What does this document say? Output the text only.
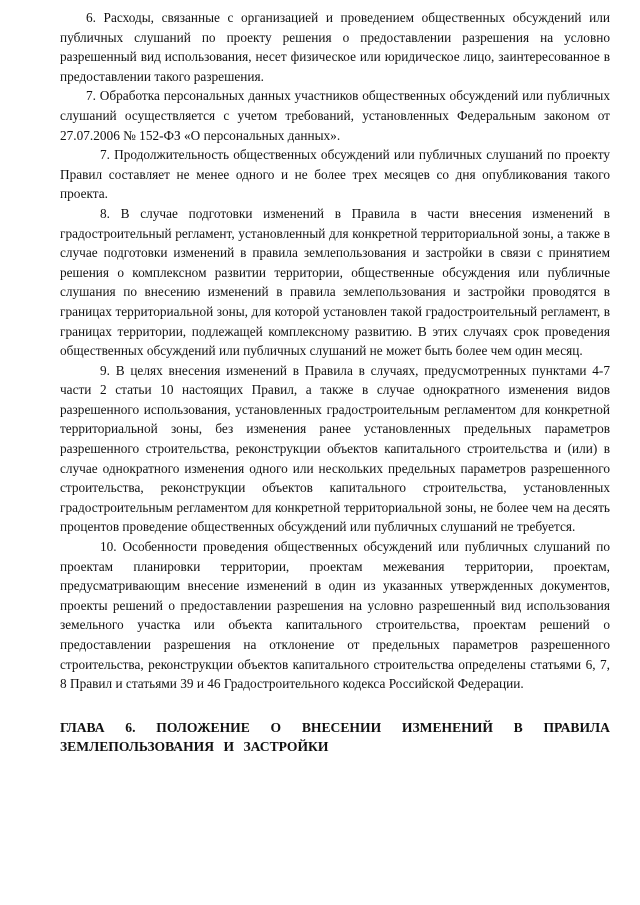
6. Расходы, связанные с организацией и проведением общественных обсуждений или публичных слушаний по проекту решения о предоставлении разрешения на условно разрешенный вид использования, несет физическое или юридическое лицо, заинтересованное в предоставлении такого разрешения.

7. Обработка персональных данных участников общественных обсуждений или публичных слушаний осуществляется с учетом требований, установленных Федеральным законом от 27.07.2006 № 152-ФЗ «О персональных данных».

7. Продолжительность общественных обсуждений или публичных слушаний по проекту Правил составляет не менее одного и не более трех месяцев со дня опубликования такого проекта.

8. В случае подготовки изменений в Правила в части внесения изменений в градостроительный регламент, установленный для конкретной территориальной зоны, а также в случае подготовки изменений в правила землепользования и застройки в связи с принятием решения о комплексном развитии территории, общественные обсуждения или публичные слушания по внесению изменений в правила землепользования и застройки проводятся в границах территориальной зоны, для которой установлен такой градостроительный регламент, в границах территории, подлежащей комплексному развитию. В этих случаях срок проведения общественных обсуждений или публичных слушаний не может быть более чем один месяц.

9. В целях внесения изменений в Правила в случаях, предусмотренных пунктами 4-7 части 2 статьи 10 настоящих Правил, а также в случае однократного изменения видов разрешенного использования, установленных градостроительным регламентом для конкретной территориальной зоны, без изменения ранее установленных предельных параметров разрешенного строительства, реконструкции объектов капитального строительства и (или) в случае однократного изменения одного или нескольких предельных параметров разрешенного строительства, реконструкции объектов капитального строительства, установленных градостроительным регламентом для конкретной территориальной зоны, не более чем на десять процентов проведение общественных обсуждений или публичных слушаний не требуется.

10. Особенности проведения общественных обсуждений или публичных слушаний по проектам планировки территории, проектам межевания территории, проектам, предусматривающим внесение изменений в один из указанных утвержденных документов, проекты решений о предоставлении разрешения на условно разрешенный вид использования земельного участка или объекта капитального строительства, проектам решений о предоставлении разрешения на отклонение от предельных параметров разрешенного строительства, реконструкции объектов капитального строительства определены статьями 6, 7, 8 Правил и статьями 39 и 46 Градостроительного кодекса Российской Федерации.

ГЛАВА 6. ПОЛОЖЕНИЕ О ВНЕСЕНИИ ИЗМЕНЕНИЙ В ПРАВИЛА ЗЕМЛЕПОЛЬЗОВАНИЯ И ЗАСТРОЙКИ
